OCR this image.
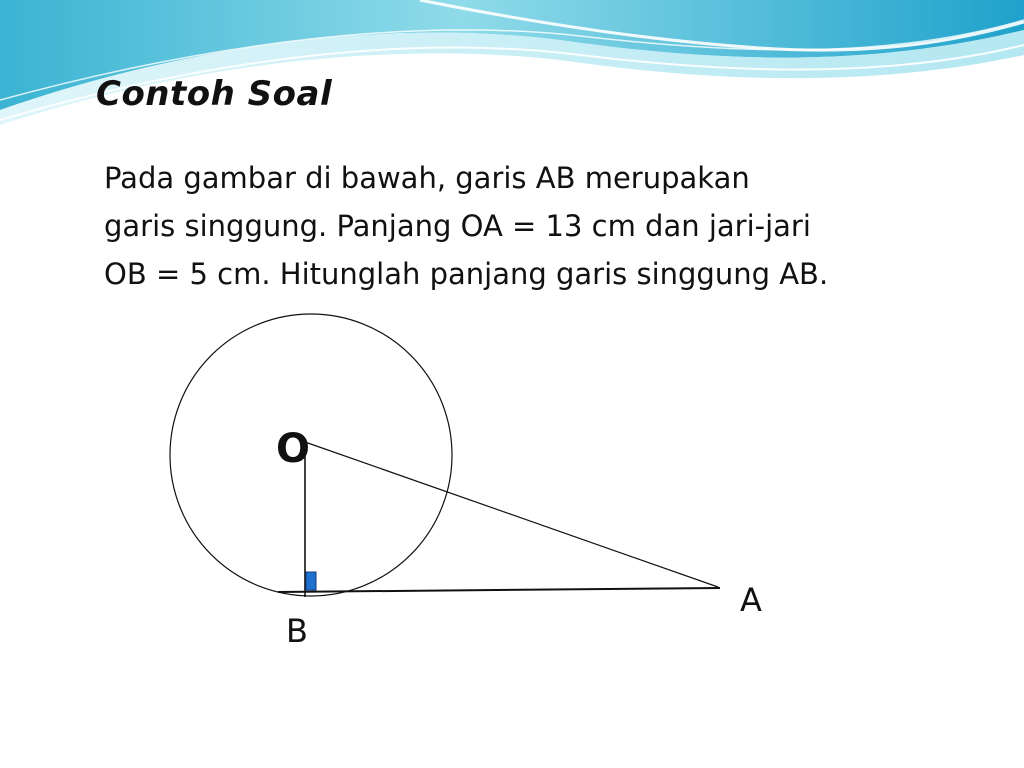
Contoh Soal

Pada gambar di bawah, garis AB merupakan
garis singgung. Panjang OA = 13 cm dan jari-jari
OB = 5 cm. Hitunglah panjang garis singgung AB.

O
A
B
